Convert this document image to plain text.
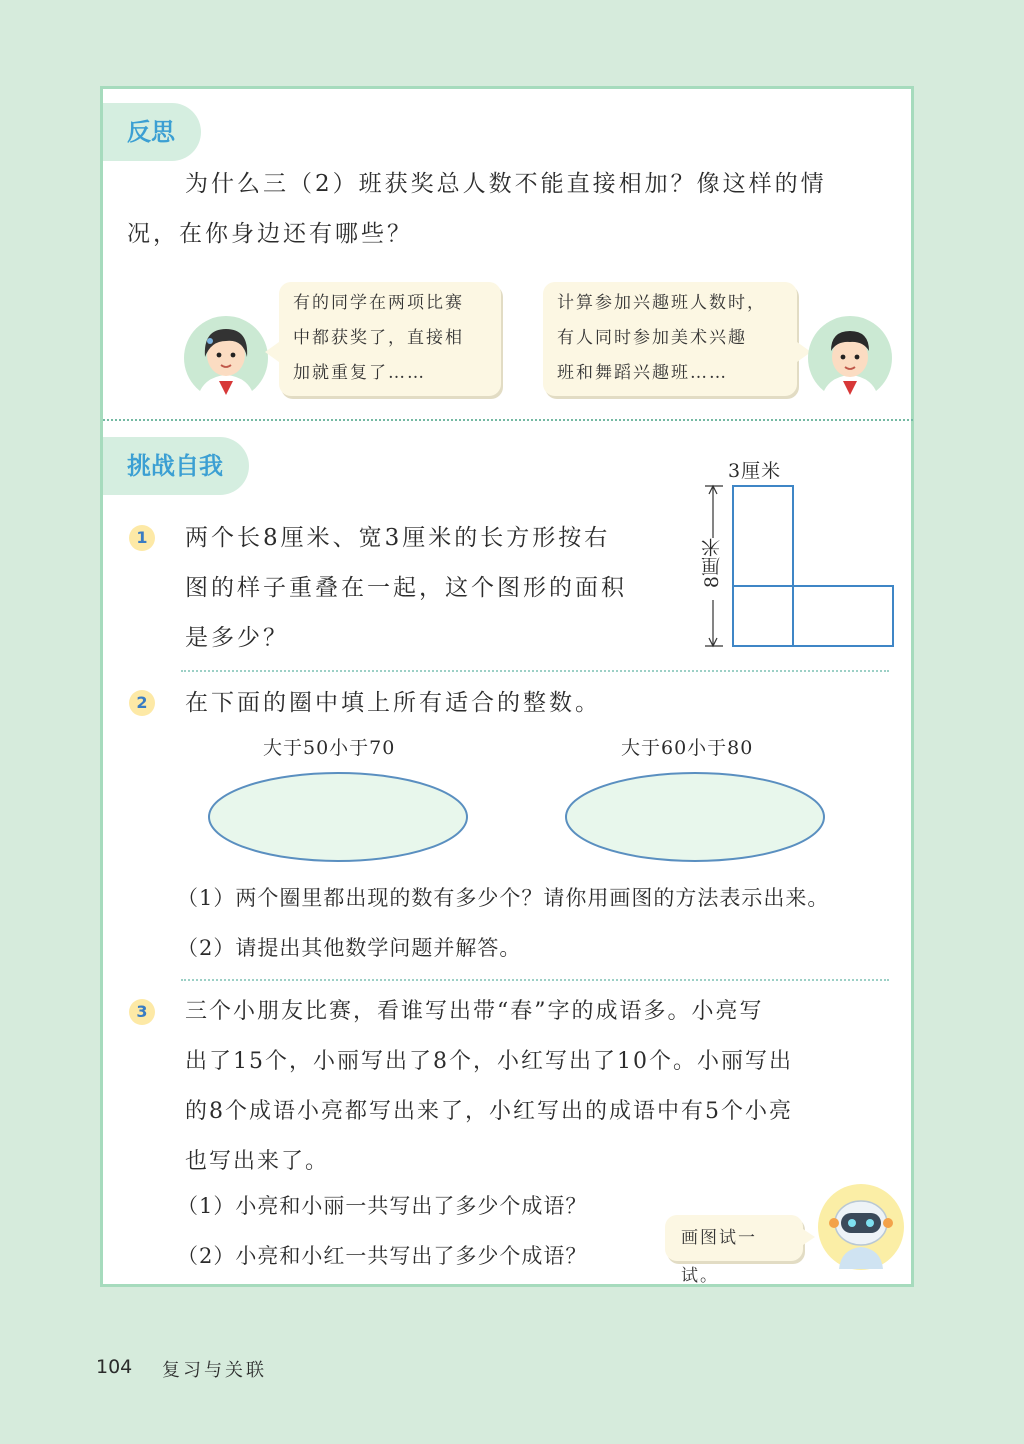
反思
为什么三（2）班获奖总人数不能直接相加？像这样的情
况，在你身边还有哪些？
有的同学在两项比赛
中都获奖了，直接相
加就重复了……
计算参加兴趣班人数时，
有人同时参加美术兴趣
班和舞蹈兴趣班……
挑战自我
1	两个长8厘米、宽3厘米的长方形按右
图的样子重叠在一起，这个图形的面积
是多少？
3厘米
8厘米
2	在下面的圈中填上所有适合的整数。
大于50小于70	大于60小于80
（1）两个圈里都出现的数有多少个？请你用画图的方法表示出来。
（2）请提出其他数学问题并解答。
3	三个小朋友比赛，看谁写出带“春”字的成语多。小亮写
出了15个，小丽写出了8个，小红写出了10个。小丽写出
的8个成语小亮都写出来了，小红写出的成语中有5个小亮
也写出来了。
（1）小亮和小丽一共写出了多少个成语？
（2）小亮和小红一共写出了多少个成语？
画图试一试。
104 复习与关联
